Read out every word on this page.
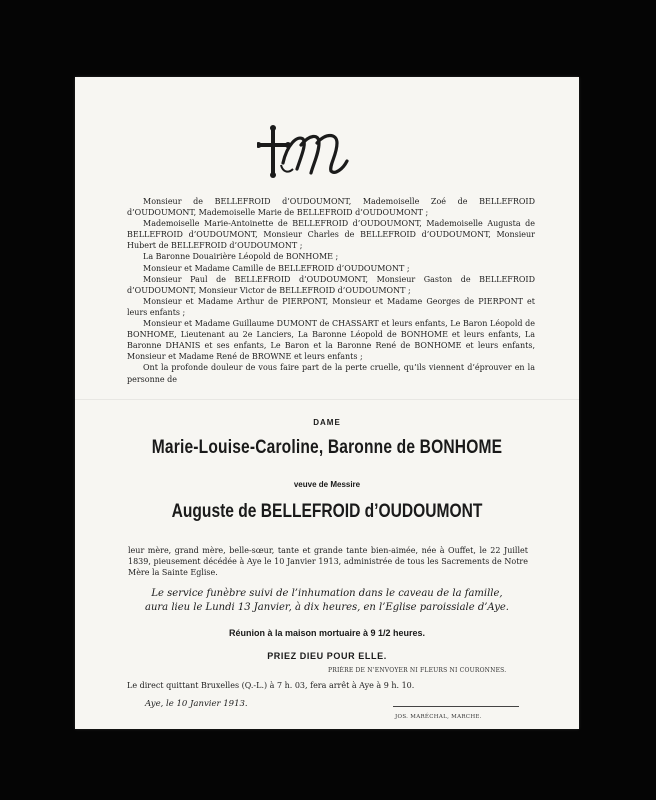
Monsieur de BELLEFROID d’OUDOUMONT, Mademoiselle Zoé de BELLEFROID d’OUDOUMONT, Mademoiselle Marie de BELLEFROID d’OUDOUMONT ;

Mademoiselle Marie-Antoinette de BELLEFROID d’OUDOUMONT, Mademoiselle Augusta de BELLEFROID d’OUDOUMONT, Monsieur Charles de BELLEFROID d’OUDOUMONT, Monsieur Hubert de BELLEFROID d’OUDOUMONT ;

La Baronne Douairière Léopold de BONHOME ;

Monsieur et Madame Camille de BELLEFROID d’OUDOUMONT ;

Monsieur Paul de BELLEFROID d’OUDOUMONT, Monsieur Gaston de BELLEFROID d’OUDOUMONT, Monsieur Victor de BELLEFROID d’OUDOUMONT ;

Monsieur et Madame Arthur de PIERPONT, Monsieur et Madame Georges de PIERPONT et leurs enfants ;

Monsieur et Madame Guillaume DUMONT de CHASSART et leurs enfants, Le Baron Léopold de BONHOME, Lieutenant au 2e Lanciers, La Baronne Léopold de BONHOME et leurs enfants, La Baronne DHANIS et ses enfants, Le Baron et la Baronne René de BONHOME et leurs enfants, Monsieur et Madame René de BROWNE et leurs enfants ;

Ont la profonde douleur de vous faire part de la perte cruelle, qu’ils viennent d’éprouver en la personne de

DAME
Marie-Louise-Caroline, Baronne de BONHOME
veuve de Messire
Auguste de BELLEFROID d’OUDOUMONT
leur mère, grand mère, belle-sœur, tante et grande tante bien-aimée, née à Ouffet, le 22 Juillet 1839, pieusement décédée à Aye le 10 Janvier 1913, administrée de tous les Sacrements de Notre Mère la Sainte Eglise.
Le service funèbre suivi de l’inhumation dans le caveau de la famille,
aura lieu le Lundi 13 Janvier, à dix heures, en l’Eglise paroissiale d’Aye.
Réunion à la maison mortuaire à 9 1/2 heures.
PRIEZ DIEU POUR ELLE.
PRIÈRE DE N’ENVOYER NI FLEURS NI COURONNES.
Le direct quittant Bruxelles (Q.-L.) à 7 h. 03, fera arrêt à Aye à 9 h. 10.
Aye, le 10 Janvier 1913.
JOS. MARÉCHAL, MARCHE.
